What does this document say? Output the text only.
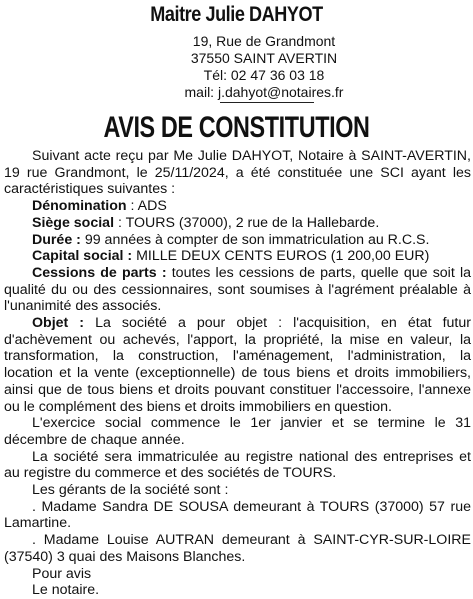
Maitre Julie DAHYOT
19, Rue de Grandmont
37550 SAINT AVERTIN
Tél: 02 47 36 03 18
mail: j.dahyot@notaires.fr
AVIS DE CONSTITUTION

Suivant acte reçu par Me Julie DAHYOT, Notaire à SAINT-AVERTIN, 19 rue Grandmont, le 25/11/2024, a été constituée une SCI ayant les caractéristiques suivantes :

Dénomination : ADS

Siège social : TOURS (37000), 2 rue de la Hallebarde.

Durée : 99 années à compter de son immatriculation au R.C.S.

Capital social : MILLE DEUX CENTS EUROS (1 200,00 EUR)

Cessions de parts : toutes les cessions de parts, quelle que soit la qualité du ou des cessionnaires, sont soumises à l'agrément préalable à l'unanimité des associés.

Objet : La société a pour objet : l'acquisition, en état futur d'achèvement ou achevés, l'apport, la propriété, la mise en valeur, la transformation, la construction, l'aménagement, l'administration, la location et la vente (exceptionnelle) de tous biens et droits immobiliers, ainsi que de tous biens et droits pouvant constituer l'accessoire, l'annexe ou le complément des biens et droits immobiliers en question.

L'exercice social commence le 1er janvier et se termine le 31 décembre de chaque année.

La société sera immatriculée au registre national des entreprises et au registre du commerce et des sociétés de TOURS.

Les gérants de la société sont :

. Madame Sandra DE SOUSA demeurant à TOURS (37000) 57 rue Lamartine.

. Madame Louise AUTRAN demeurant à SAINT-CYR-SUR-LOIRE (37540) 3 quai des Maisons Blanches.

Pour avis

Le notaire.
